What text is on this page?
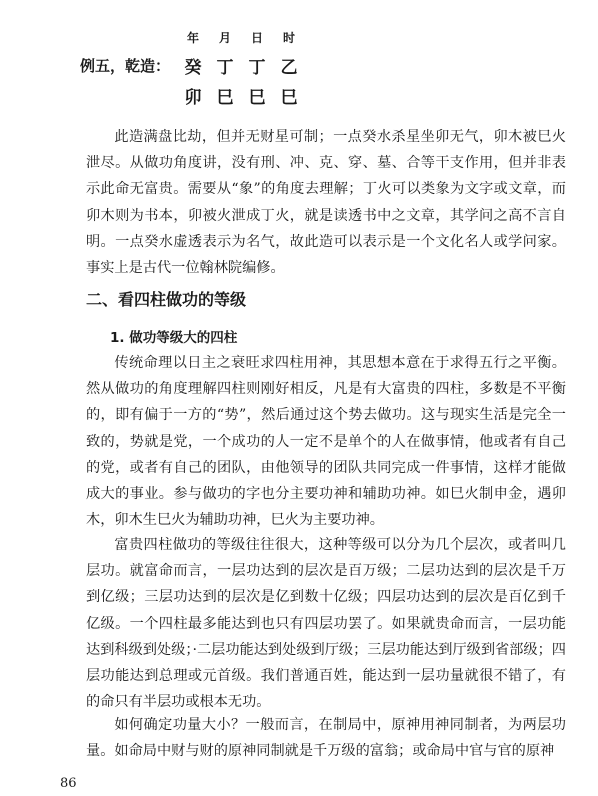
年	月	日	时
例五，乾造： 癸 丁 丁 乙
卯 巳 巳 巳

此造满盘比劫，但并无财星可制；一点癸水杀星坐卯无气，卯木被巳火泄尽。从做功角度讲，没有刑、冲、克、穿、墓、合等干支作用，但并非表示此命无富贵。需要从“象”的角度去理解；丁火可以类象为文字或文章，而卯木则为书本，卯被火泄成丁火，就是读透书中之文章，其学问之高不言自明。一点癸水虚透表示为名气，故此造可以表示是一个文化名人或学问家。事实上是古代一位翰林院编修。

二、看四柱做功的等级
1. 做功等级大的四柱

传统命理以日主之衰旺求四柱用神，其思想本意在于求得五行之平衡。然从做功的角度理解四柱则刚好相反，凡是有大富贵的四柱，多数是不平衡的，即有偏于一方的“势”，然后通过这个势去做功。这与现实生活是完全一致的，势就是党，一个成功的人一定不是单个的人在做事情，他或者有自己的党，或者有自己的团队，由他领导的团队共同完成一件事情，这样才能做成大的事业。参与做功的字也分主要功神和辅助功神。如巳火制申金，遇卯木，卯木生巳火为辅助功神，巳火为主要功神。

富贵四柱做功的等级往往很大，这种等级可以分为几个层次，或者叫几层功。就富命而言，一层功达到的层次是百万级；二层功达到的层次是千万到亿级；三层功达到的层次是亿到数十亿级；四层功达到的层次是百亿到千亿级。一个四柱最多能达到也只有四层功罢了。如果就贵命而言，一层功能达到科级到处级；·二层功能达到处级到厅级；三层功能达到厅级到省部级；四层功能达到总理或元首级。我们普通百姓，能达到一层功量就很不错了，有的命只有半层功或根本无功。

如何确定功量大小？一般而言，在制局中，原神用神同制者，为两层功量。如命局中财与财的原神同制就是千万级的富翁；或命局中官与官的原神

86
